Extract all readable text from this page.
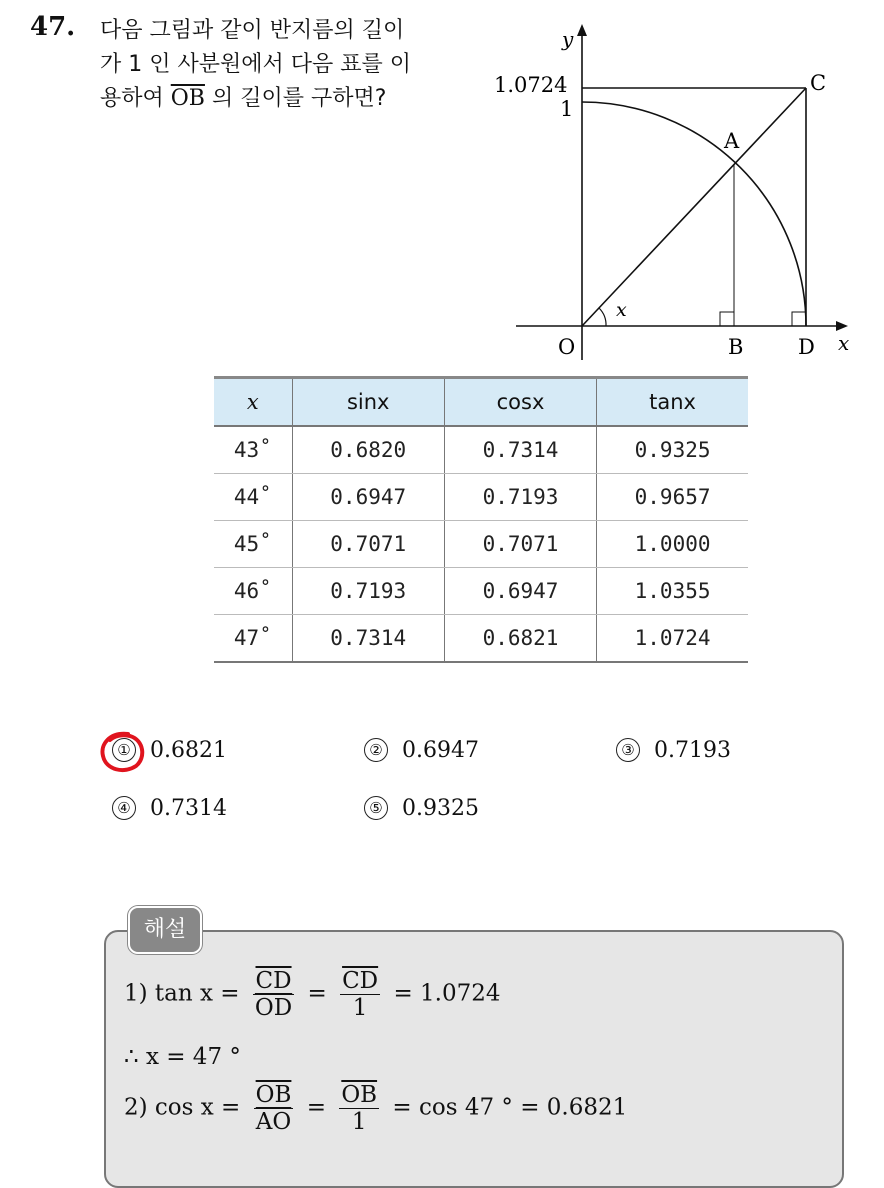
47. 다음 그림과 같이 반지름의 길이
가 1 인 사분원에서 다음 표를 이
용하여 $\overline{OB}$ 의 길이를 구하면?
y
x
1.0724
1
C
A
O	B	D
x
x	sinx	cosx	tanx
43˚	0.6820	0.7314	0.9325
44˚	0.6947	0.7193	0.9657
45˚	0.7071	0.7071	1.0000
46˚	0.7193	0.6947	1.0355
47˚	0.7314	0.6821	1.0724
① 0.6821	② 0.6947	③ 0.7193
④ 0.7314	⑤ 0.9325
해설
1) $\tan x = \frac{\overline{CD}}{OD} = \frac{\overline{CD}}{1} = 1.0724$
∴ x = 47 °
2) $\cos x = \frac{\overline{OB}}{AO} = \frac{\overline{OB}}{1} = \cos 47$ ° = 0.6821
